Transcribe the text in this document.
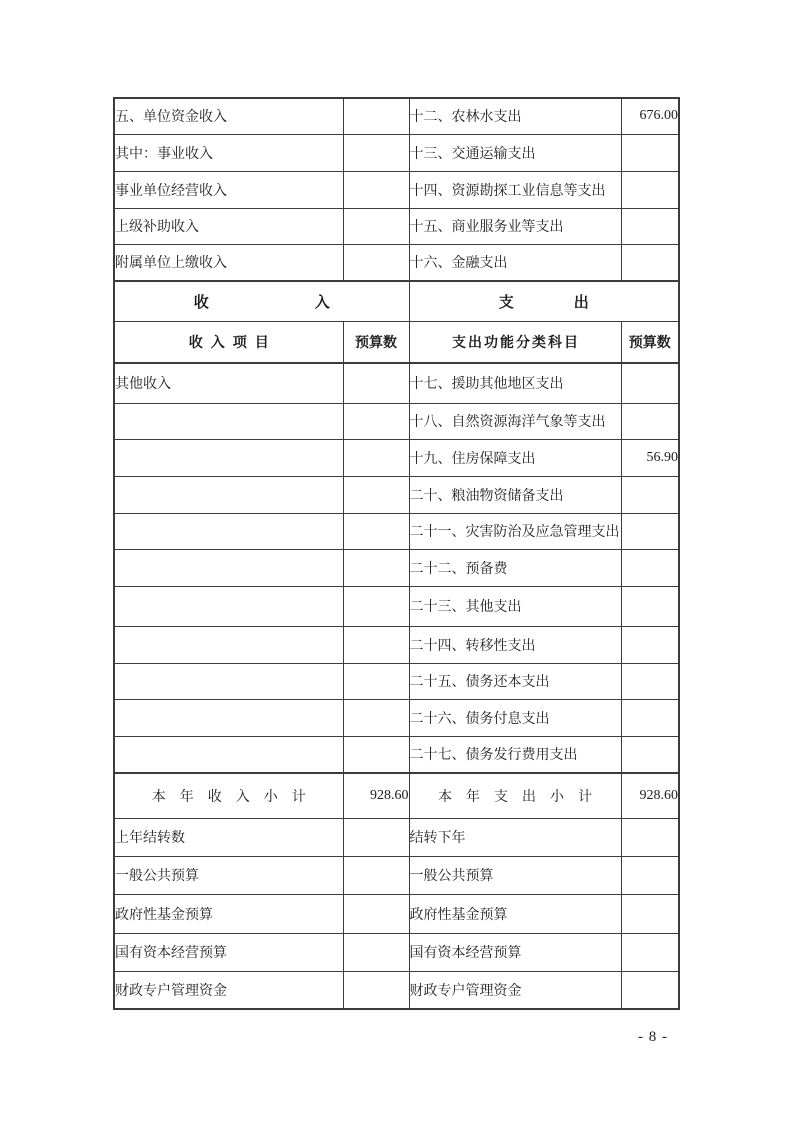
五、单位资金收入		十二、农林水支出	676.00
其中：事业收入		十三、交通运输支出	
事业单位经营收入		十四、资源勘探工业信息等支出	
上级补助收入		十五、商业服务业等支出	
附属单位上缴收入		十六、金融支出	

收 入		支 出	

收 入 项 目	预算数	支 出 功 能 分 类 科 目	预算数
其他收入		十七、援助其他地区支出	
		十八、自然资源海洋气象等支出	
		十九、住房保障支出	56.90
		二十、粮油物资储备支出	
		二十一、灾害防治及应急管理支出	
		二十二、预备费	
		二十三、其他支出	
		二十四、转移性支出	
		二十五、债务还本支出	
		二十六、债务付息支出	
		二十七、债务发行费用支出	

本 年 收 入 小 计	928.60	本 年 支 出 小 计	928.60
上年结转数		结转下年	
一般公共预算		一般公共预算	
政府性基金预算		政府性基金预算	
国有资本经营预算		国有资本经营预算	
财政专户管理资金		财政专户管理资金	
- 8 -
